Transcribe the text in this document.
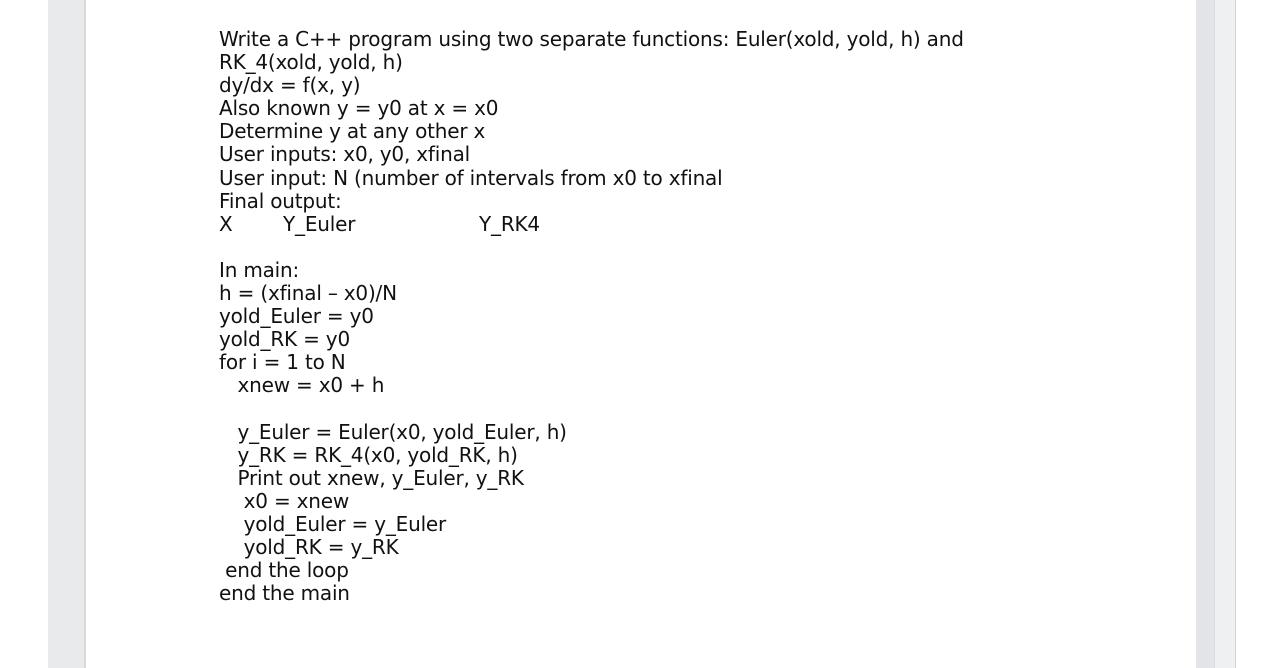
Write a C++ program using two separate functions: Euler(xold, yold, h) and
RK_4(xold, yold, h)
dy/dx = f(x, y)
Also known y = y0 at x = x0
Determine y at any other x
User inputs: x0, y0, xfinal
User input: N (number of intervals from x0 to xfinal
Final output:
X	Y_Euler	Y_RK4
In main:
h = (xfinal – x0)/N
yold_Euler = y0
yold_RK = y0
for i = 1 to N
xnew = x0 + h
y_Euler = Euler(x0, yold_Euler, h)
y_RK = RK_4(x0, yold_RK, h)
Print out xnew, y_Euler, y_RK
x0 = xnew
yold_Euler = y_Euler
yold_RK = y_RK
end the loop
end the main
